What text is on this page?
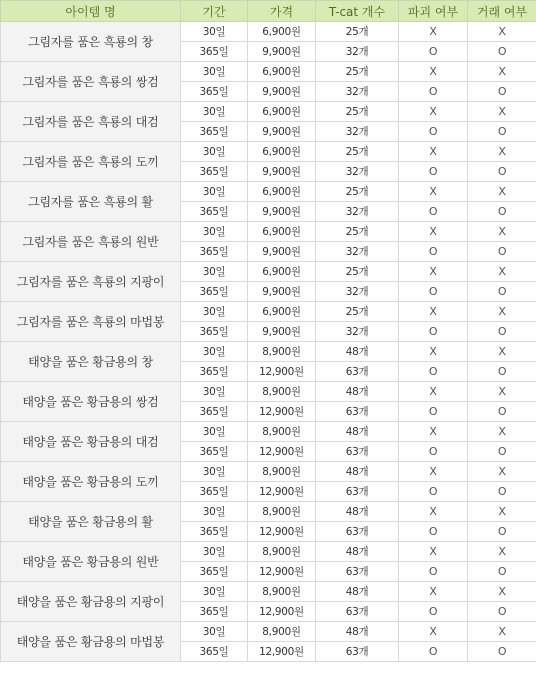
아이템 명	기간	가격	T-cat 개수	파괴 여부	거래 여부
그림자를 품은 흑룡의 창	30일	6,900원	25개	X	X
	365일	9,900원	32개	O	O
그림자를 품은 흑룡의 쌍검	30일	6,900원	25개	X	X
	365일	9,900원	32개	O	O
그림자를 품은 흑룡의 대검	30일	6,900원	25개	X	X
	365일	9,900원	32개	O	O
그림자를 품은 흑룡의 도끼	30일	6,900원	25개	X	X
	365일	9,900원	32개	O	O
그림자를 품은 흑룡의 활	30일	6,900원	25개	X	X
	365일	9,900원	32개	O	O
그림자를 품은 흑룡의 원반	30일	6,900원	25개	X	X
	365일	9,900원	32개	O	O
그림자를 품은 흑룡의 지팡이	30일	6,900원	25개	X	X
	365일	9,900원	32개	O	O
그림자를 품은 흑룡의 마법봉	30일	6,900원	25개	X	X
	365일	9,900원	32개	O	O
태양을 품은 황금용의 창	30일	8,900원	48개	X	X
	365일	12,900원	63개	O	O
태양을 품은 황금용의 쌍검	30일	8,900원	48개	X	X
	365일	12,900원	63개	O	O
태양을 품은 황금용의 대검	30일	8,900원	48개	X	X
	365일	12,900원	63개	O	O
태양을 품은 황금용의 도끼	30일	8,900원	48개	X	X
	365일	12,900원	63개	O	O
태양을 품은 황금용의 활	30일	8,900원	48개	X	X
	365일	12,900원	63개	O	O
태양을 품은 황금용의 원반	30일	8,900원	48개	X	X
	365일	12,900원	63개	O	O
태양을 품은 황금용의 지팡이	30일	8,900원	48개	X	X
	365일	12,900원	63개	O	O
태양을 품은 황금용의 마법봉	30일	8,900원	48개	X	X
	365일	12,900원	63개	O	O
